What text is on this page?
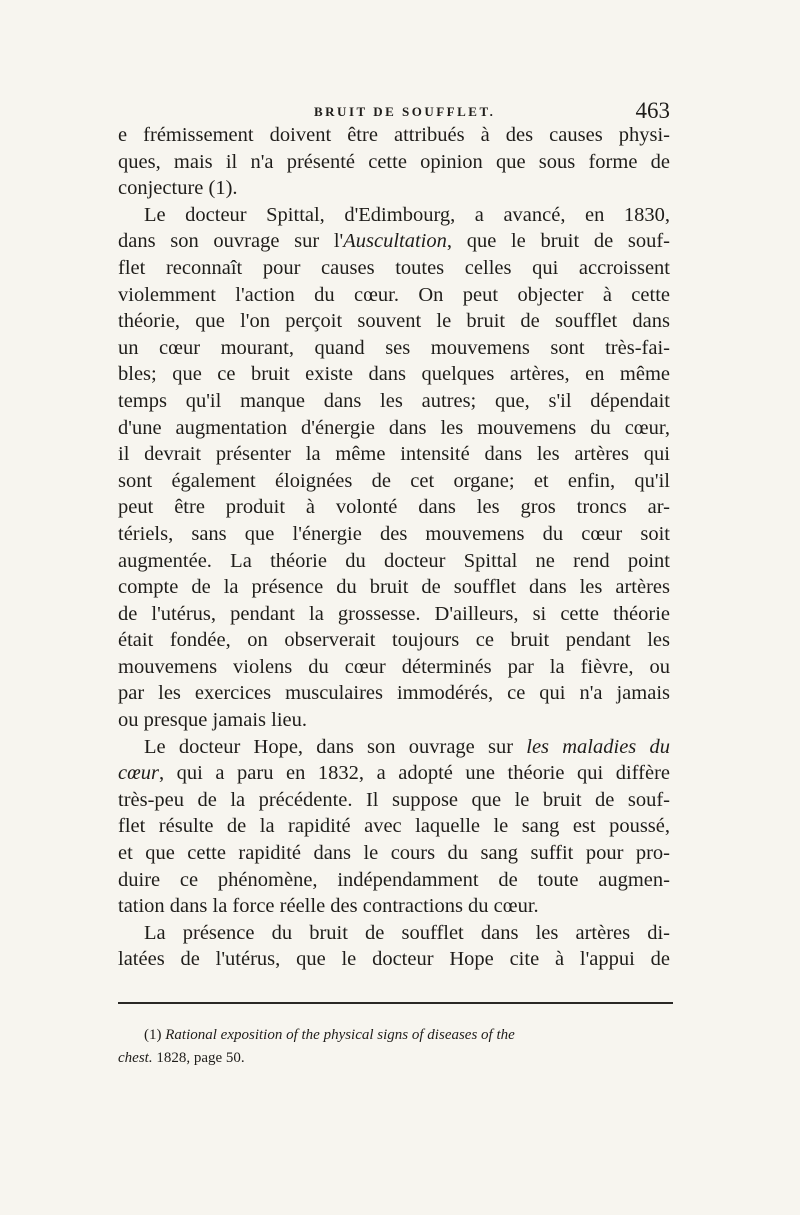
BRUIT DE SOUFFLET.	463
e frémissement doivent être attribués à des causes physi-
ques, mais il n'a présenté cette opinion que sous forme de
conjecture (1).
Le docteur Spittal, d'Edimbourg, a avancé, en 1830,
dans son ouvrage sur l'Auscultation, que le bruit de souf-
flet reconnaît pour causes toutes celles qui accroissent
violemment l'action du cœur. On peut objecter à cette
théorie, que l'on perçoit souvent le bruit de soufflet dans
un cœur mourant, quand ses mouvemens sont très-fai-
bles; que ce bruit existe dans quelques artères, en même
temps qu'il manque dans les autres; que, s'il dépendait
d'une augmentation d'énergie dans les mouvemens du cœur,
il devrait présenter la même intensité dans les artères qui
sont également éloignées de cet organe; et enfin, qu'il
peut être produit à volonté dans les gros troncs ar-
tériels, sans que l'énergie des mouvemens du cœur soit
augmentée. La théorie du docteur Spittal ne rend point
compte de la présence du bruit de soufflet dans les artères
de l'utérus, pendant la grossesse. D'ailleurs, si cette théorie
était fondée, on observerait toujours ce bruit pendant les
mouvemens violens du cœur déterminés par la fièvre, ou
par les exercices musculaires immodérés, ce qui n'a jamais
ou presque jamais lieu.
Le docteur Hope, dans son ouvrage sur les maladies du
cœur, qui a paru en 1832, a adopté une théorie qui diffère
très-peu de la précédente. Il suppose que le bruit de souf-
flet résulte de la rapidité avec laquelle le sang est poussé,
et que cette rapidité dans le cours du sang suffit pour pro-
duire ce phénomène, indépendamment de toute augmen-
tation dans la force réelle des contractions du cœur.
La présence du bruit de soufflet dans les artères di-
latées de l'utérus, que le docteur Hope cite à l'appui de
(1) Rational exposition of the physical signs of diseases of the
chest. 1828, page 50.
